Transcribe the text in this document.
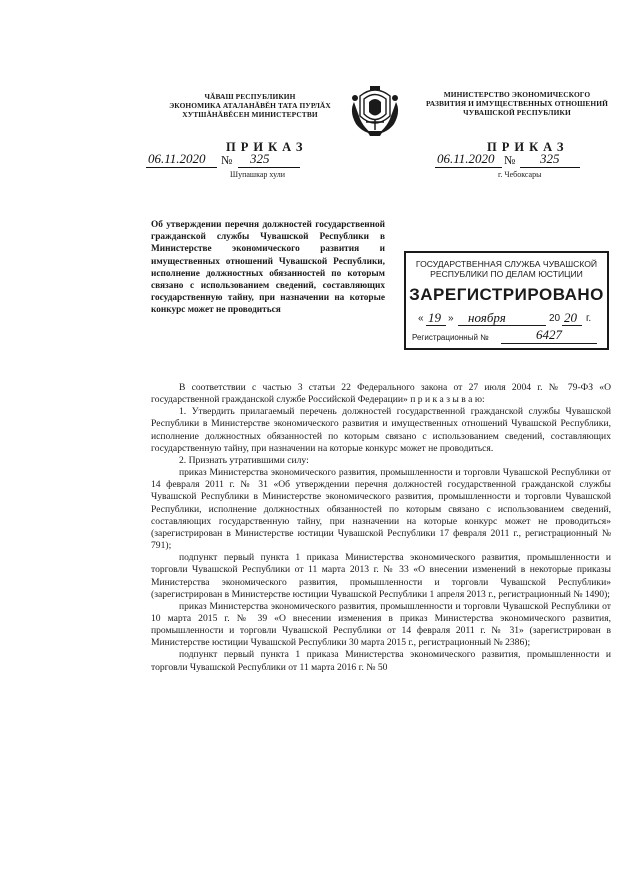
ЧĂВАШ РЕСПУБЛИКИН
ЭКОНОМИКА АТАЛАНĂВĔН ТАТА ПУРЛĂХ
ХУТШĂНĂВĔСЕН МИНИСТЕРСТВИ
МИНИСТЕРСТВО ЭКОНОМИЧЕСКОГО
РАЗВИТИЯ И ИМУЩЕСТВЕННЫХ ОТНОШЕНИЙ
ЧУВАШСКОЙ РЕСПУБЛИКИ
ПРИКАЗ
06.11.2020 № 325
Шупашкар хули
ПРИКАЗ
06.11.2020 № 325
г. Чебоксары
Об утверждении перечня должностей государственной гражданской службы Чувашской Республики в Министерстве экономического развития и имущественных отношений Чувашской Республики, исполнение должностных обязанностей по которым связано с использованием сведений, составляющих государственную тайну, при назначении на которые конкурс может не проводиться
ГОСУДАРСТВЕННАЯ СЛУЖБА ЧУВАШСКОЙ
РЕСПУБЛИКИ ПО ДЕЛАМ ЮСТИЦИИ
ЗАРЕГИСТРИРОВАНО
« 19 » ноября	20 20 г.
Регистрационный №	6427

В соответствии с частью 3 статьи 22 Федерального закона от 27 июля 2004 г. № 79-ФЗ «О государственной гражданской службе Российской Федерации» п р и к а з ы в а ю:

1. Утвердить прилагаемый перечень должностей государственной гражданской службы Чувашской Республики в Министерстве экономического развития и имущественных отношений Чувашской Республики, исполнение должностных обязанностей по которым связано с использованием сведений, составляющих государственную тайну, при назначении на которые конкурс может не проводиться.

2. Признать утратившими силу:

приказ Министерства экономического развития, промышленности и торговли Чувашской Республики от 14 февраля 2011 г. № 31 «Об утверждении перечня должностей государственной гражданской службы Чувашской Республики в Министерстве экономического развития, промышленности и торговли Чувашской Республики, исполнение должностных обязанностей по которым связано с использованием сведений, составляющих государственную тайну, при назначении на которые конкурс может не проводиться» (зарегистрирован в Министерстве юстиции Чувашской Республики 17 февраля 2011 г., регистрационный № 791);

подпункт первый пункта 1 приказа Министерства экономического развития, промышленности и торговли Чувашской Республики от 11 марта 2013 г. № 33 «О внесении изменений в некоторые приказы Министерства экономического развития, промышленности и торговли Чувашской Республики» (зарегистрирован в Министерстве юстиции Чувашской Республики 1 апреля 2013 г., регистрационный № 1490);

приказ Министерства экономического развития, промышленности и торговли Чувашской Республики от 10 марта 2015 г. № 39 «О внесении изменения в приказ Министерства экономического развития, промышленности и торговли Чувашской Республики от 14 февраля 2011 г. № 31» (зарегистрирован в Министерстве юстиции Чувашской Республики 30 марта 2015 г., регистрационный № 2386);

подпункт первый пункта 1 приказа Министерства экономического развития, промышленности и торговли Чувашской Республики от 11 марта 2016 г. № 50
